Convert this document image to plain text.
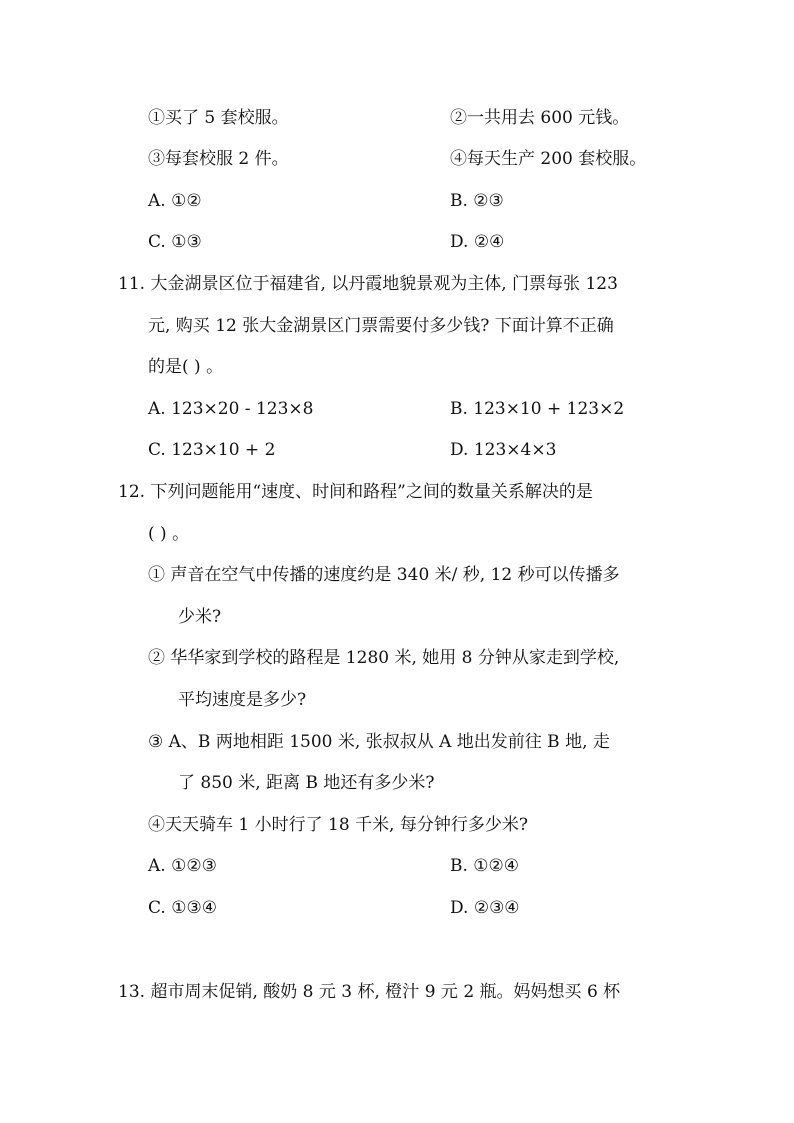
①买了 5 套校服。	②一共用去 600 元钱。
③每套校服 2 件。	④每天生产 200 套校服。
A. ①②	B. ②③
C. ①③	D. ②④
11. 大金湖景区位于福建省, 以丹霞地貌景观为主体, 门票每张 123
元, 购买 12 张大金湖景区门票需要付多少钱? 下面计算不正确
的是( ) 。
A. 123×20 - 123×8	B. 123×10 + 123×2
C. 123×10 + 2	D. 123×4×3
12. 下列问题能用“速度、时间和路程”之间的数量关系解决的是
( ) 。
① 声音在空气中传播的速度约是 340 米/ 秒, 12 秒可以传播多
少米?
② 华华家到学校的路程是 1280 米, 她用 8 分钟从家走到学校,
平均速度是多少?
③ A、B 两地相距 1500 米, 张叔叔从 A 地出发前往 B 地, 走
了 850 米, 距离 B 地还有多少米?
④天天骑车 1 小时行了 18 千米, 每分钟行多少米?
A. ①②③	B. ①②④
C. ①③④	D. ②③④
13. 超市周末促销, 酸奶 8 元 3 杯, 橙汁 9 元 2 瓶。妈妈想买 6 杯
